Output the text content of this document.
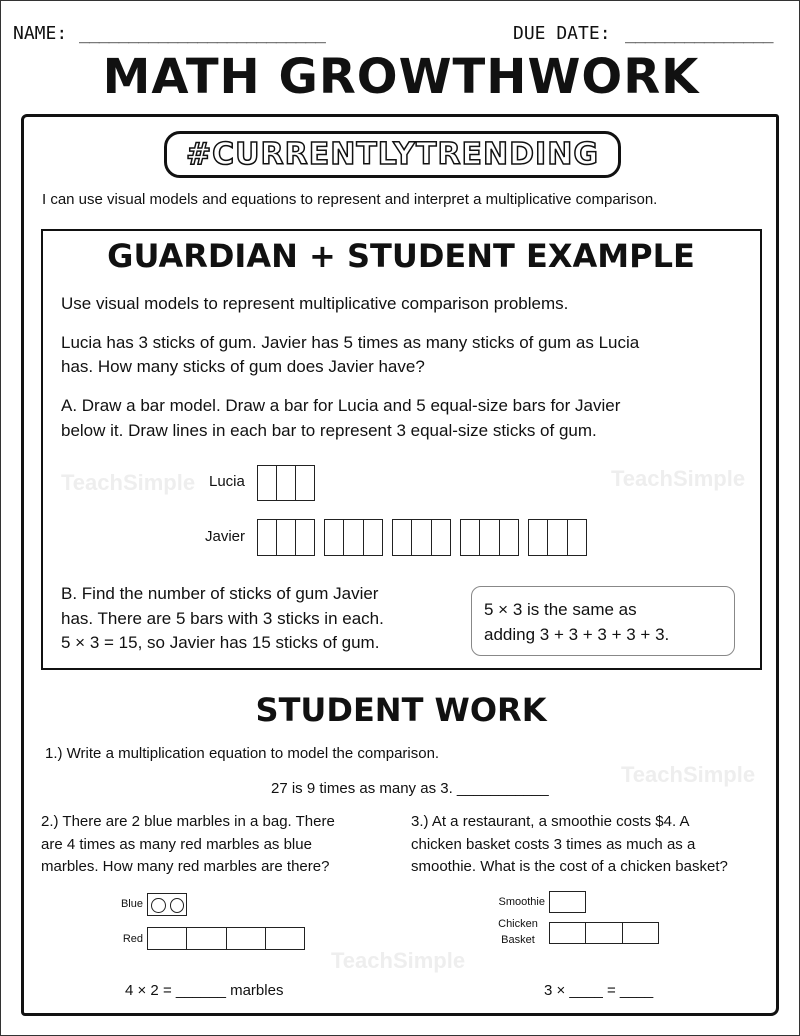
TeachSimple	TeachSimple
TeachSimple
TeachSimple
NAME: _________________________	DUE DATE: _______________
MATH GROWTHWORK
#CURRENTLYTRENDING
I can use visual models and equations to represent and interpret a multiplicative comparison.
GUARDIAN + STUDENT EXAMPLE
Use visual models to represent multiplicative comparison problems.
Lucia has 3 sticks of gum. Javier has 5 times as many sticks of gum as Lucia
has. How many sticks of gum does Javier have?
A. Draw a bar model. Draw a bar for Lucia and 5 equal-size bars for Javier
below it. Draw lines in each bar to represent 3 equal-size sticks of gum.
Lucia
Javier
B. Find the number of sticks of gum Javier
has. There are 5 bars with 3 sticks in each.
5 × 3 = 15, so Javier has 15 sticks of gum.
5 × 3 is the same as
adding 3 + 3 + 3 + 3 + 3.
STUDENT WORK
1.) Write a multiplication equation to model the comparison.
27 is 9 times as many as 3. ___________
2.) There are 2 blue marbles in a bag. There
are 4 times as many red marbles as blue
marbles. How many red marbles are there?
Blue
Red
4 × 2 = ______ marbles
3.) At a restaurant, a smoothie costs $4. A
chicken basket costs 3 times as much as a
smoothie. What is the cost of a chicken basket?
Smoothie
Chicken
Basket
3 × ____ = ____
